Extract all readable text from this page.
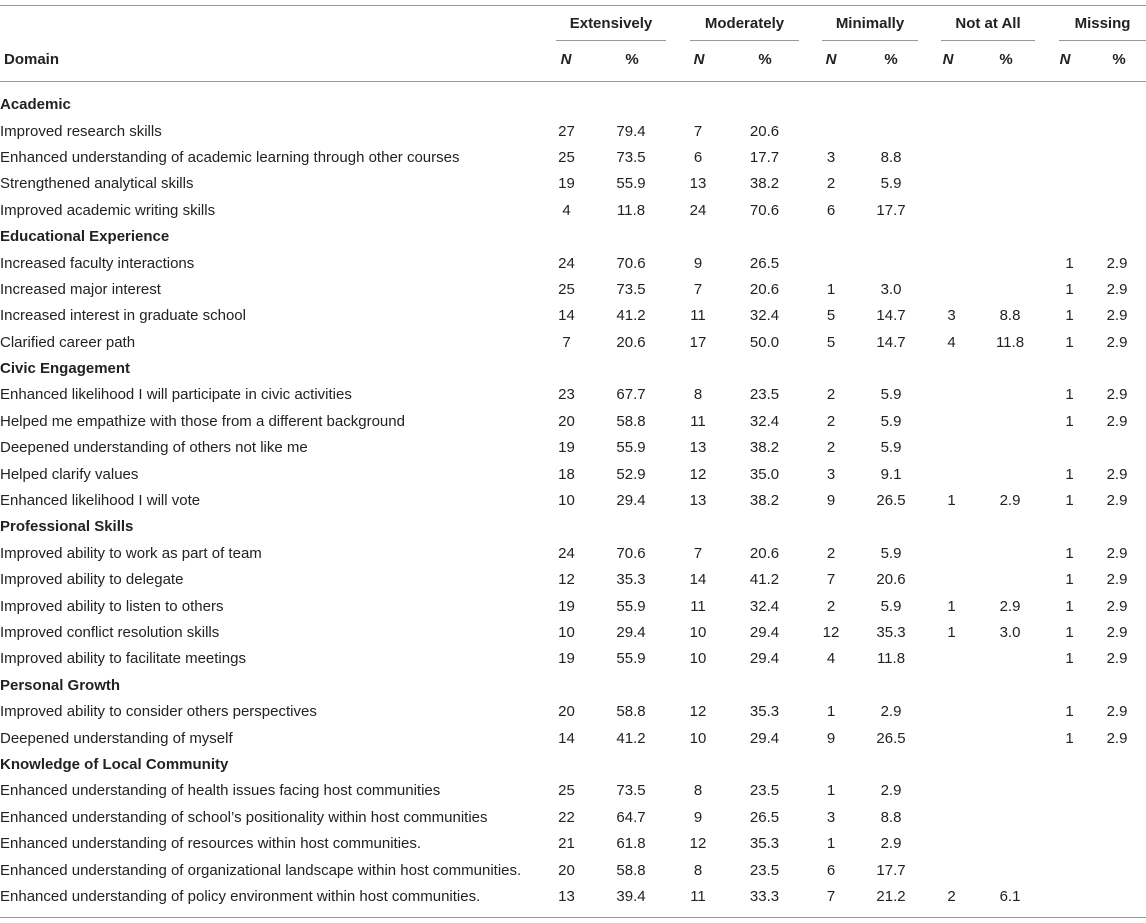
Extensively	Moderately	Minimally	Not at All	Missing
Domain	N	%	N	%	N	%	N	%	N	%
Academic										
Improved research skills	27	79.4	7	20.6						
Enhanced understanding of academic learning through other courses	25	73.5	6	17.7	3	8.8				
Strengthened analytical skills	19	55.9	13	38.2	2	5.9				
Improved academic writing skills	4	11.8	24	70.6	6	17.7				
Educational Experience										
Increased faculty interactions	24	70.6	9	26.5					1	2.9
Increased major interest	25	73.5	7	20.6	1	3.0			1	2.9
Increased interest in graduate school	14	41.2	11	32.4	5	14.7	3	8.8	1	2.9
Clarified career path	7	20.6	17	50.0	5	14.7	4	11.8	1	2.9
Civic Engagement										
Enhanced likelihood I will participate in civic activities	23	67.7	8	23.5	2	5.9			1	2.9
Helped me empathize with those from a different background	20	58.8	11	32.4	2	5.9			1	2.9
Deepened understanding of others not like me	19	55.9	13	38.2	2	5.9				
Helped clarify values	18	52.9	12	35.0	3	9.1			1	2.9
Enhanced likelihood I will vote	10	29.4	13	38.2	9	26.5	1	2.9	1	2.9
Professional Skills										
Improved ability to work as part of team	24	70.6	7	20.6	2	5.9			1	2.9
Improved ability to delegate	12	35.3	14	41.2	7	20.6			1	2.9
Improved ability to listen to others	19	55.9	11	32.4	2	5.9	1	2.9	1	2.9
Improved conflict resolution skills	10	29.4	10	29.4	12	35.3	1	3.0	1	2.9
Improved ability to facilitate meetings	19	55.9	10	29.4	4	11.8			1	2.9
Personal Growth										
Improved ability to consider others perspectives	20	58.8	12	35.3	1	2.9			1	2.9
Deepened understanding of myself	14	41.2	10	29.4	9	26.5			1	2.9
Knowledge of Local Community										
Enhanced understanding of health issues facing host communities	25	73.5	8	23.5	1	2.9				
Enhanced understanding of school’s positionality within host communities	22	64.7	9	26.5	3	8.8				
Enhanced understanding of resources within host communities.	21	61.8	12	35.3	1	2.9				
Enhanced understanding of organizational landscape within host communities.	20	58.8	8	23.5	6	17.7				
Enhanced understanding of policy environment within host communities.	13	39.4	11	33.3	7	21.2	2	6.1		
